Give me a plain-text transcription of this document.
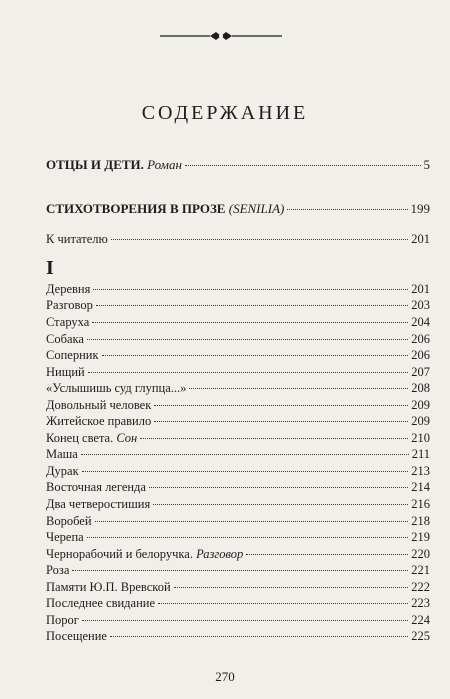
СОДЕРЖАНИЕ
ОТЦЫ И ДЕТИ. Роман	5
СТИХОТВОРЕНИЯ В ПРОЗЕ (SENILIA)	199
К читателю	201
I
Деревня	201
Разговор	203
Старуха	204
Собака	206
Соперник	206
Нищий	207
«Услышишь суд глупца...»	208
Довольный человек	209
Житейское правило	209
Конец света. Сон	210
Маша	211
Дурак	213
Восточная легенда	214
Два четверостишия	216
Воробей	218
Черепа	219
Чернорабочий и белоручка. Разговор	220
Роза	221
Памяти Ю.П. Вревской	222
Последнее свидание	223
Порог	224
Посещение	225
270
